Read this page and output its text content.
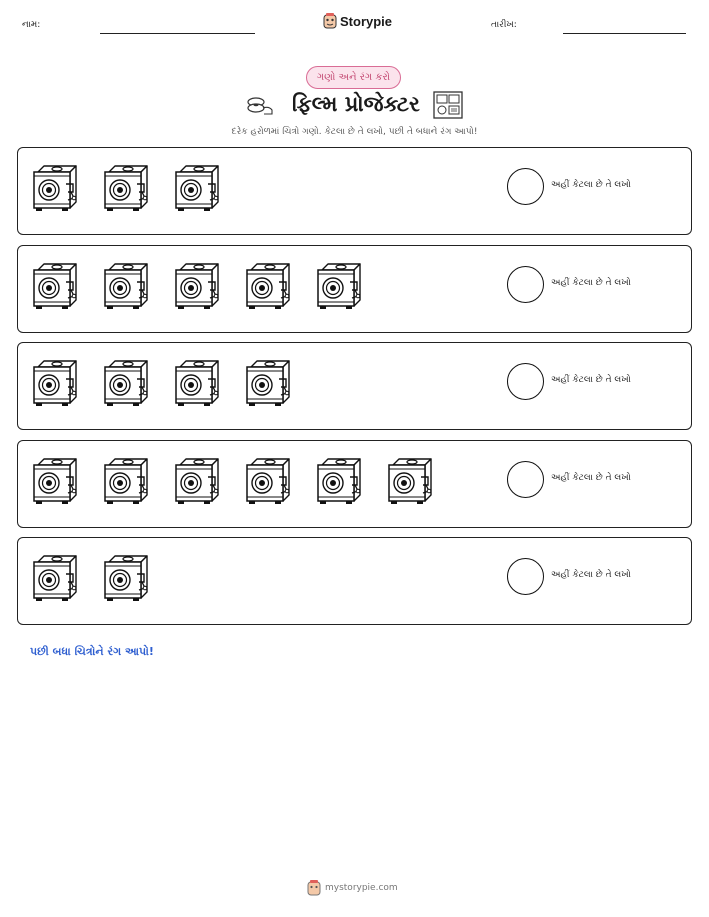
નામ:	Storypie	તારીખ:
ગણો અને રંગ કરો
ફિલ્મ પ્રોજેક્ટર
દરેક હરોળમાં ચિત્રો ગણો. કેટલા છે તે લખો, પછી તે બધાને રંગ આપો!
અહીં કેટલા છે તે લખો
અહીં કેટલા છે તે લખો
અહીં કેટલા છે તે લખો
અહીં કેટલા છે તે લખો
અહીં કેટલા છે તે લખો
પછી બધા ચિત્રોને રંગ આપો!
mystorypie.com
